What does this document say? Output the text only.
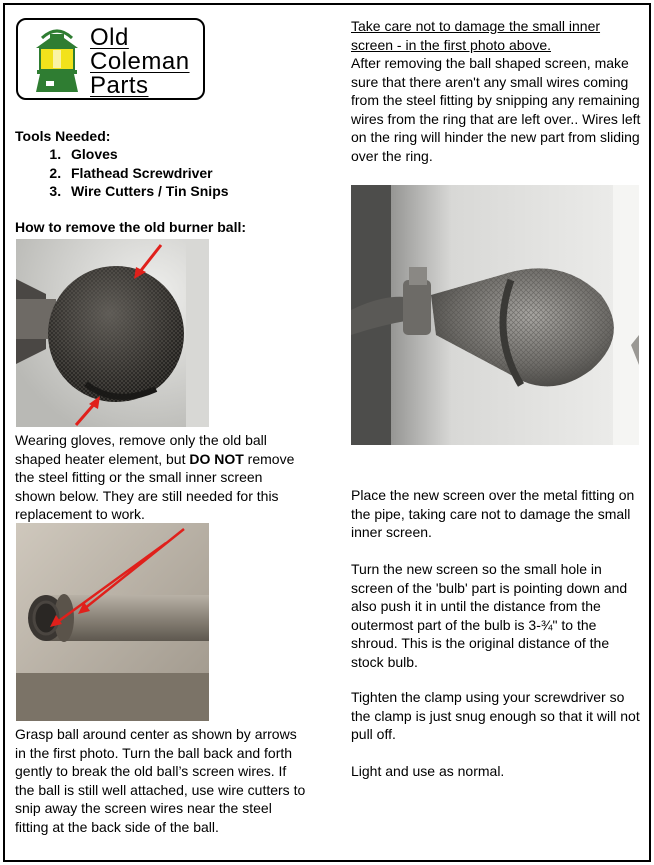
Old
Coleman
Parts
Tools Needed:
1. Gloves
2. Flathead Screwdriver
3. Wire Cutters / Tin Snips
How to remove the old burner ball:

Wearing gloves, remove only the old ball shaped heater element, but DO NOT remove the steel fitting or the small inner screen shown below. They are still needed for this replacement to work.

Grasp ball around center as shown by arrows in the first photo. Turn the ball back and forth gently to break the old ball’s screen wires. If the ball is still well attached, use wire cutters to snip away the screen wires near the steel fitting at the back side of the ball.

Take care not to damage the small inner screen - in the first photo above.

After removing the ball shaped screen, make sure that there aren't any small wires coming from the steel fitting by snipping any remaining wires from the ring that are left over.. Wires left on the ring will hinder the new part from sliding over the ring.

Place the new screen over the metal fitting on the pipe, taking care not to damage the small inner screen.

Turn the new screen so the small hole in screen of the 'bulb' part is pointing down and also push it in until the distance from the outermost part of the bulb is 3-¾" to the shroud. This is the original distance of the stock bulb.

Tighten the clamp using your screwdriver so the clamp is just snug enough so that it will not pull off.

Light and use as normal.
